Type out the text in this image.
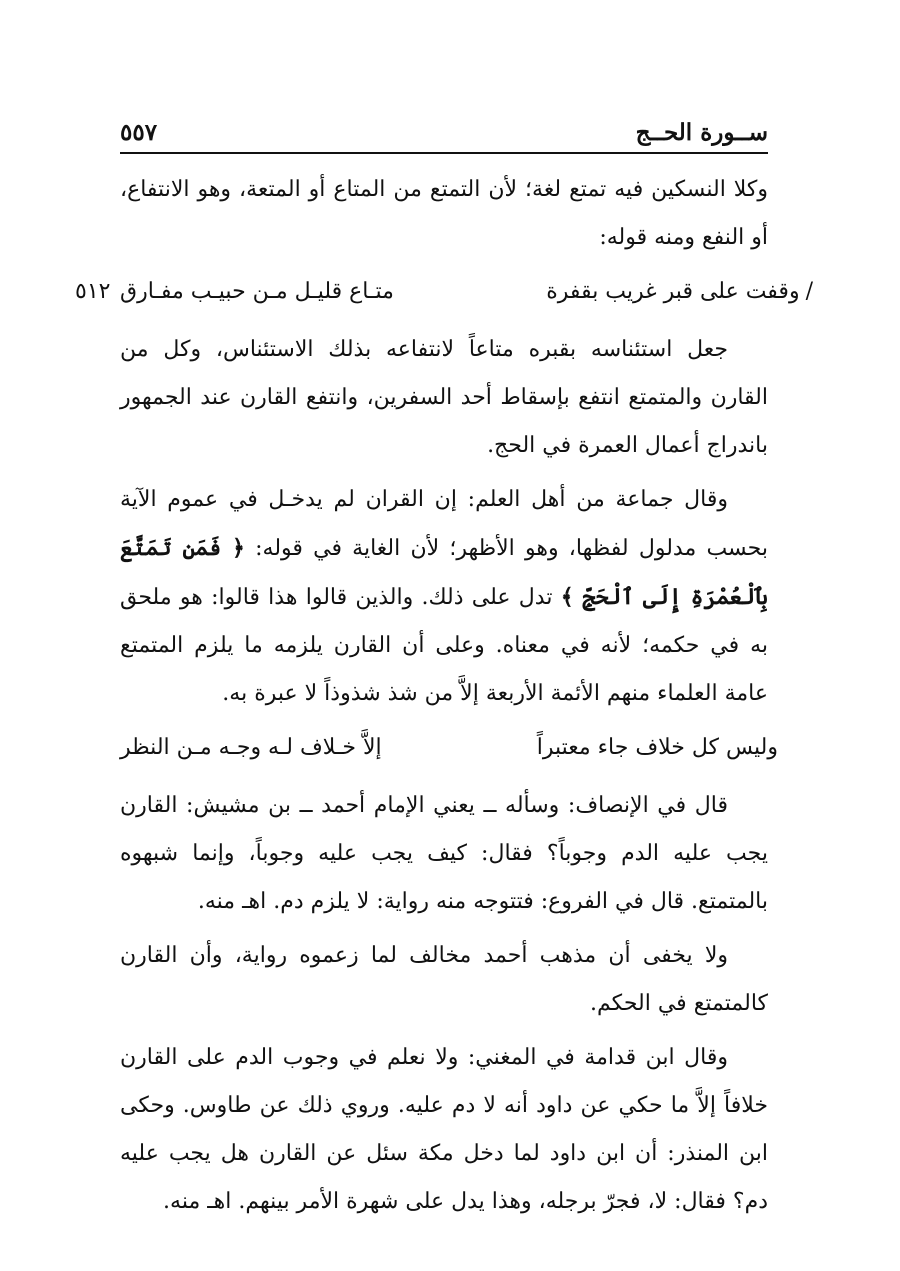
ســورة الحــج
٥٥٧

وكلا النسكين فيه تمتع لغة؛ لأن التمتع من المتاع أو المتعة، وهو الانتفاع، أو النفع ومنه قوله:

/وقفت على قبر غريب بقفرة
متـاع قليـل مـن حبيـب مفـارق
٥١٢

جعل استئناسه بقبره متاعاً لانتفاعه بذلك الاستئناس، وكل من القارن والمتمتع انتفع بإسقاط أحد السفرين، وانتفع القارن عند الجمهور باندراج أعمال العمرة في الحج.

وقال جماعة من أهل العلم: إن القران لم يدخـل في عموم الآية بحسب مدلول لفظها، وهو الأظهر؛ لأن الغاية في قوله: ﴿ فَمَن تَمَتَّعَ بِٱلْعُمْرَةِ إِلَى ٱلْحَجِّ ﴾ تدل على ذلك. والذين قالوا هذا قالوا: هو ملحق به في حكمه؛ لأنه في معناه. وعلى أن القارن يلزمه ما يلزم المتمتع عامة العلماء منهم الأئمة الأربعة إلاَّ من شذ شذوذاً لا عبرة به.

وليس كل خلاف جاء معتبراً
إلاَّ خـلاف لـه وجـه مـن النظر

قال في الإنصاف: وسأله ــ يعني الإمام أحمد ــ بن مشيش: القارن يجب عليه الدم وجوباً؟ فقال: كيف يجب عليه وجوباً، وإنما شبهوه بالمتمتع. قال في الفروع: فتتوجه منه رواية: لا يلزم دم. اهـ منه.

ولا يخفى أن مذهب أحمد مخالف لما زعموه رواية، وأن القارن كالمتمتع في الحكم.

وقال ابن قدامة في المغني: ولا نعلم في وجوب الدم على القارن خلافاً إلاَّ ما حكي عن داود أنه لا دم عليه. وروي ذلك عن طاوس. وحكى ابن المنذر: أن ابن داود لما دخل مكة سئل عن القارن هل يجب عليه دم؟ فقال: لا، فجرّ برجله، وهذا يدل على شهرة الأمر بينهم. اهـ منه.
